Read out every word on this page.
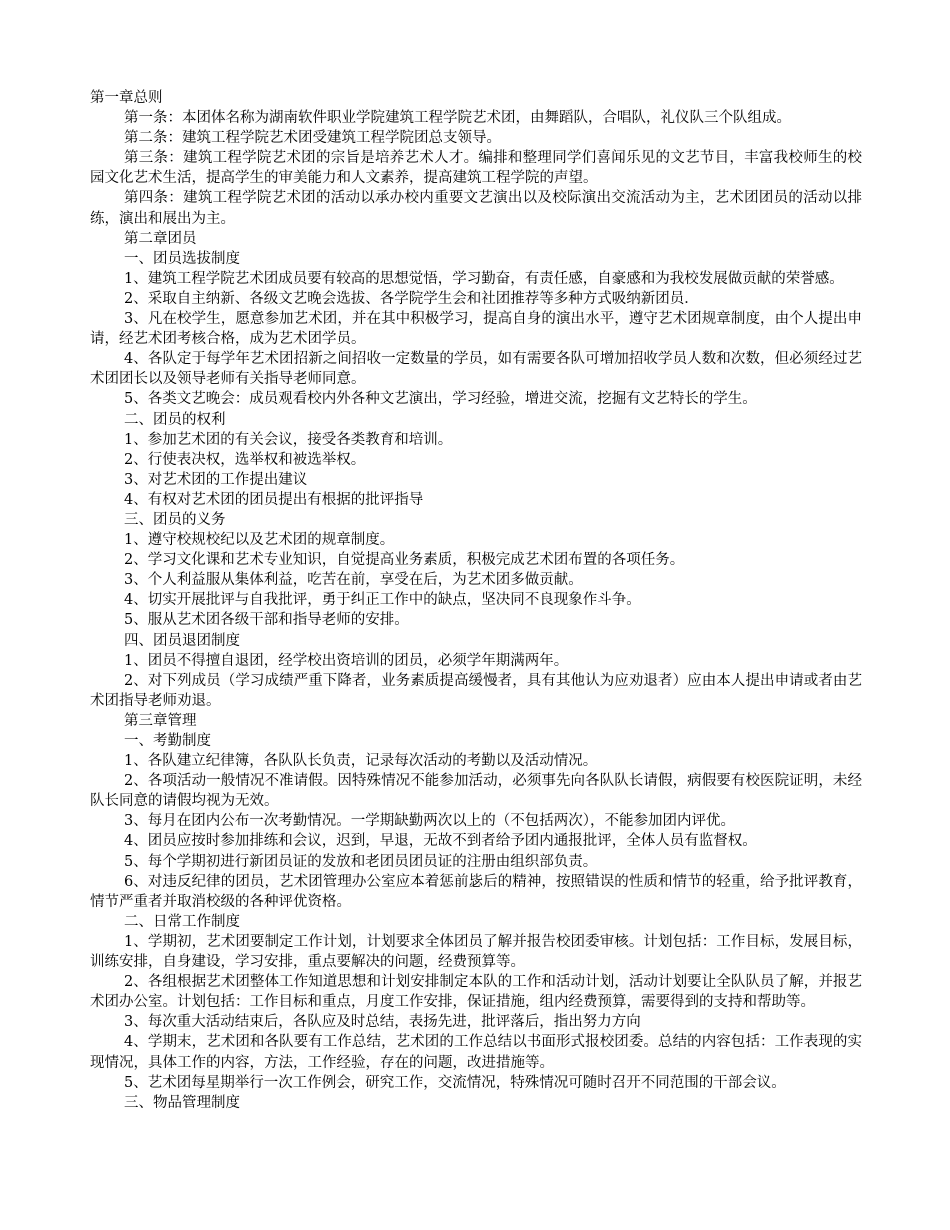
第一章总则

第一条：本团体名称为湖南软件职业学院建筑工程学院艺术团，由舞蹈队，合唱队，礼仪队三个队组成。

第二条：建筑工程学院艺术团受建筑工程学院团总支领导。

第三条：建筑工程学院艺术团的宗旨是培养艺术人才。编排和整理同学们喜闻乐见的文艺节目，丰富我校师生的校园文化艺术生活，提高学生的审美能力和人文素养，提高建筑工程学院的声望。

第四条：建筑工程学院艺术团的活动以承办校内重要文艺演出以及校际演出交流活动为主，艺术团团员的活动以排练，演出和展出为主。

第二章团员

一、团员选拔制度

1、建筑工程学院艺术团成员要有较高的思想觉悟，学习勤奋，有责任感，自豪感和为我校发展做贡献的荣誉感。

2、采取自主纳新、各级文艺晚会选拔、各学院学生会和社团推荐等多种方式吸纳新团员．

3、凡在校学生，愿意参加艺术团，并在其中积极学习，提高自身的演出水平，遵守艺术团规章制度，由个人提出申请，经艺术团考核合格，成为艺术团学员。

4、各队定于每学年艺术团招新之间招收一定数量的学员，如有需要各队可增加招收学员人数和次数，但必须经过艺术团团长以及领导老师有关指导老师同意。

5、各类文艺晚会：成员观看校内外各种文艺演出，学习经验，增进交流，挖掘有文艺特长的学生。

二、团员的权利

1、参加艺术团的有关会议，接受各类教育和培训。

2、行使表决权，选举权和被选举权。

3、对艺术团的工作提出建议

4、有权对艺术团的团员提出有根据的批评指导

三、团员的义务

1、遵守校规校纪以及艺术团的规章制度。

2、学习文化课和艺术专业知识，自觉提高业务素质，积极完成艺术团布置的各项任务。

3、个人利益服从集体利益，吃苦在前，享受在后，为艺术团多做贡献。

4、切实开展批评与自我批评，勇于纠正工作中的缺点，坚决同不良现象作斗争。

5、服从艺术团各级干部和指导老师的安排。

四、团员退团制度

1、团员不得擅自退团，经学校出资培训的团员，必须学年期满两年。

2、对下列成员（学习成绩严重下降者，业务素质提高缓慢者，具有其他认为应劝退者）应由本人提出申请或者由艺术团指导老师劝退。

第三章管理

一、考勤制度

1、各队建立纪律簿，各队队长负责，记录每次活动的考勤以及活动情况。

2、各项活动一般情况不准请假。因特殊情况不能参加活动，必须事先向各队队长请假，病假要有校医院证明，未经队长同意的请假均视为无效。

3、每月在团内公布一次考勤情况。一学期缺勤两次以上的（不包括两次），不能参加团内评优。

4、团员应按时参加排练和会议，迟到，早退，无故不到者给予团内通报批评，全体人员有监督权。

5、每个学期初进行新团员证的发放和老团员团员证的注册由组织部负责。

6、对违反纪律的团员，艺术团管理办公室应本着惩前毖后的精神，按照错误的性质和情节的轻重，给予批评教育，情节严重者并取消校级的各种评优资格。

二、日常工作制度

1、学期初，艺术团要制定工作计划，计划要求全体团员了解并报告校团委审核。计划包括：工作目标，发展目标，训练安排，自身建设，学习安排，重点要解决的问题，经费预算等。

2、各组根据艺术团整体工作知道思想和计划安排制定本队的工作和活动计划，活动计划要让全队队员了解，并报艺术团办公室。计划包括：工作目标和重点，月度工作安排，保证措施，组内经费预算，需要得到的支持和帮助等。

3、每次重大活动结束后，各队应及时总结，表扬先进，批评落后，指出努力方向

4、学期末，艺术团和各队要有工作总结，艺术团的工作总结以书面形式报校团委。总结的内容包括：工作表现的实现情况，具体工作的内容，方法，工作经验，存在的问题，改进措施等。

5、艺术团每星期举行一次工作例会，研究工作，交流情况，特殊情况可随时召开不同范围的干部会议。

三、物品管理制度
